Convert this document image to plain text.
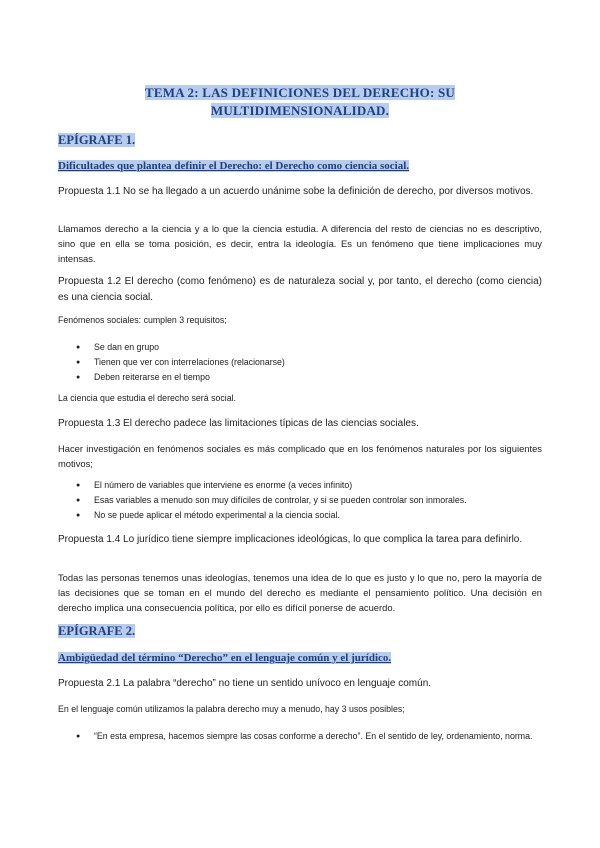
TEMA 2: LAS DEFINICIONES DEL DERECHO: SU
MULTIDIMENSIONALIDAD.
EPÍGRAFE 1.
Dificultades que plantea definir el Derecho: el Derecho como ciencia social.

Propuesta 1.1 No se ha llegado a un acuerdo unánime sobe la definición de derecho, por diversos motivos.

Llamamos derecho a la ciencia y a lo que la ciencia estudia. A diferencia del resto de ciencias no es descriptivo, sino que en ella se toma posición, es decir, entra la ideología. Es un fenómeno que tiene implicaciones muy intensas.

Propuesta 1.2 El derecho (como fenómeno) es de naturaleza social y, por tanto, el derecho (como ciencia) es una ciencia social.

Fenómenos sociales: cumplen 3 requisitos;

● Se dan en grupo
● Tienen que ver con interrelaciones (relacionarse)
● Deben reiterarse en el tiempo

La ciencia que estudia el derecho será social.

Propuesta 1.3 El derecho padece las limitaciones típicas de las ciencias sociales.

Hacer investigación en fenómenos sociales es más complicado que en los fenómenos naturales por los siguientes motivos;

● El número de variables que interviene es enorme (a veces infinito)
● Esas variables a menudo son muy difíciles de controlar, y si se pueden controlar son inmorales.
● No se puede aplicar el método experimental a la ciencia social.

Propuesta 1.4 Lo jurídico tiene siempre implicaciones ideológicas, lo que complica la tarea para definirlo.

Todas las personas tenemos unas ideologías, tenemos una idea de lo que es justo y lo que no, pero la mayoría de las decisiones que se toman en el mundo del derecho es mediante el pensamiento político. Una decisión en derecho implica una consecuencia política, por ello es difícil ponerse de acuerdo.

EPÍGRAFE 2.
Ambigüedad del término “Derecho” en el lenguaje común y el jurídico.

Propuesta 2.1 La palabra “derecho” no tiene un sentido unívoco en lenguaje común.

En el lenguaje común utilizamos la palabra derecho muy a menudo, hay 3 usos posibles;

● “En esta empresa, hacemos siempre las cosas conforme a derecho”. En el sentido de ley, ordenamiento, norma.
